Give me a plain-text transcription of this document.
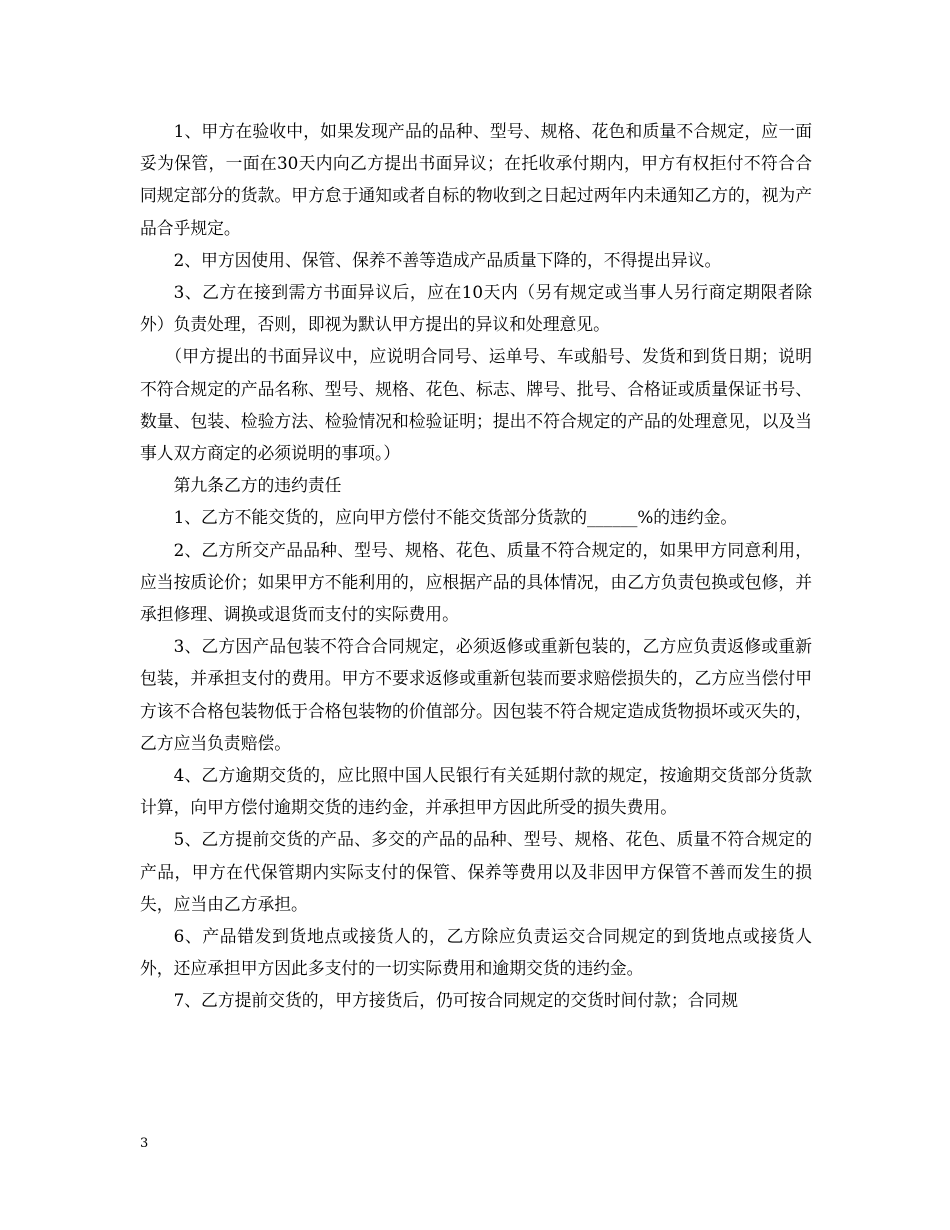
1、甲方在验收中，如果发现产品的品种、型号、规格、花色和质量不合规定，应一面妥为保管，一面在30天内向乙方提出书面异议；在托收承付期内，甲方有权拒付不符合合同规定部分的货款。甲方怠于通知或者自标的物收到之日起过两年内未通知乙方的，视为产品合乎规定。

2、甲方因使用、保管、保养不善等造成产品质量下降的，不得提出异议。

3、乙方在接到需方书面异议后，应在10天内（另有规定或当事人另行商定期限者除外）负责处理，否则，即视为默认甲方提出的异议和处理意见。

（甲方提出的书面异议中，应说明合同号、运单号、车或船号、发货和到货日期；说明不符合规定的产品名称、型号、规格、花色、标志、牌号、批号、合格证或质量保证书号、数量、包装、检验方法、检验情况和检验证明；提出不符合规定的产品的处理意见，以及当事人双方商定的必须说明的事项。）

第九条乙方的违约责任

1、乙方不能交货的，应向甲方偿付不能交货部分货款的______%的违约金。

2、乙方所交产品品种、型号、规格、花色、质量不符合规定的，如果甲方同意利用，应当按质论价；如果甲方不能利用的，应根据产品的具体情况，由乙方负责包换或包修，并承担修理、调换或退货而支付的实际费用。

3、乙方因产品包装不符合合同规定，必须返修或重新包装的，乙方应负责返修或重新包装，并承担支付的费用。甲方不要求返修或重新包装而要求赔偿损失的，乙方应当偿付甲方该不合格包装物低于合格包装物的价值部分。因包装不符合规定造成货物损坏或灭失的，乙方应当负责赔偿。

4、乙方逾期交货的，应比照中国人民银行有关延期付款的规定，按逾期交货部分货款计算，向甲方偿付逾期交货的违约金，并承担甲方因此所受的损失费用。

5、乙方提前交货的产品、多交的产品的品种、型号、规格、花色、质量不符合规定的产品，甲方在代保管期内实际支付的保管、保养等费用以及非因甲方保管不善而发生的损失，应当由乙方承担。

6、产品错发到货地点或接货人的，乙方除应负责运交合同规定的到货地点或接货人外，还应承担甲方因此多支付的一切实际费用和逾期交货的违约金。

7、乙方提前交货的，甲方接货后，仍可按合同规定的交货时间付款；合同规

3
